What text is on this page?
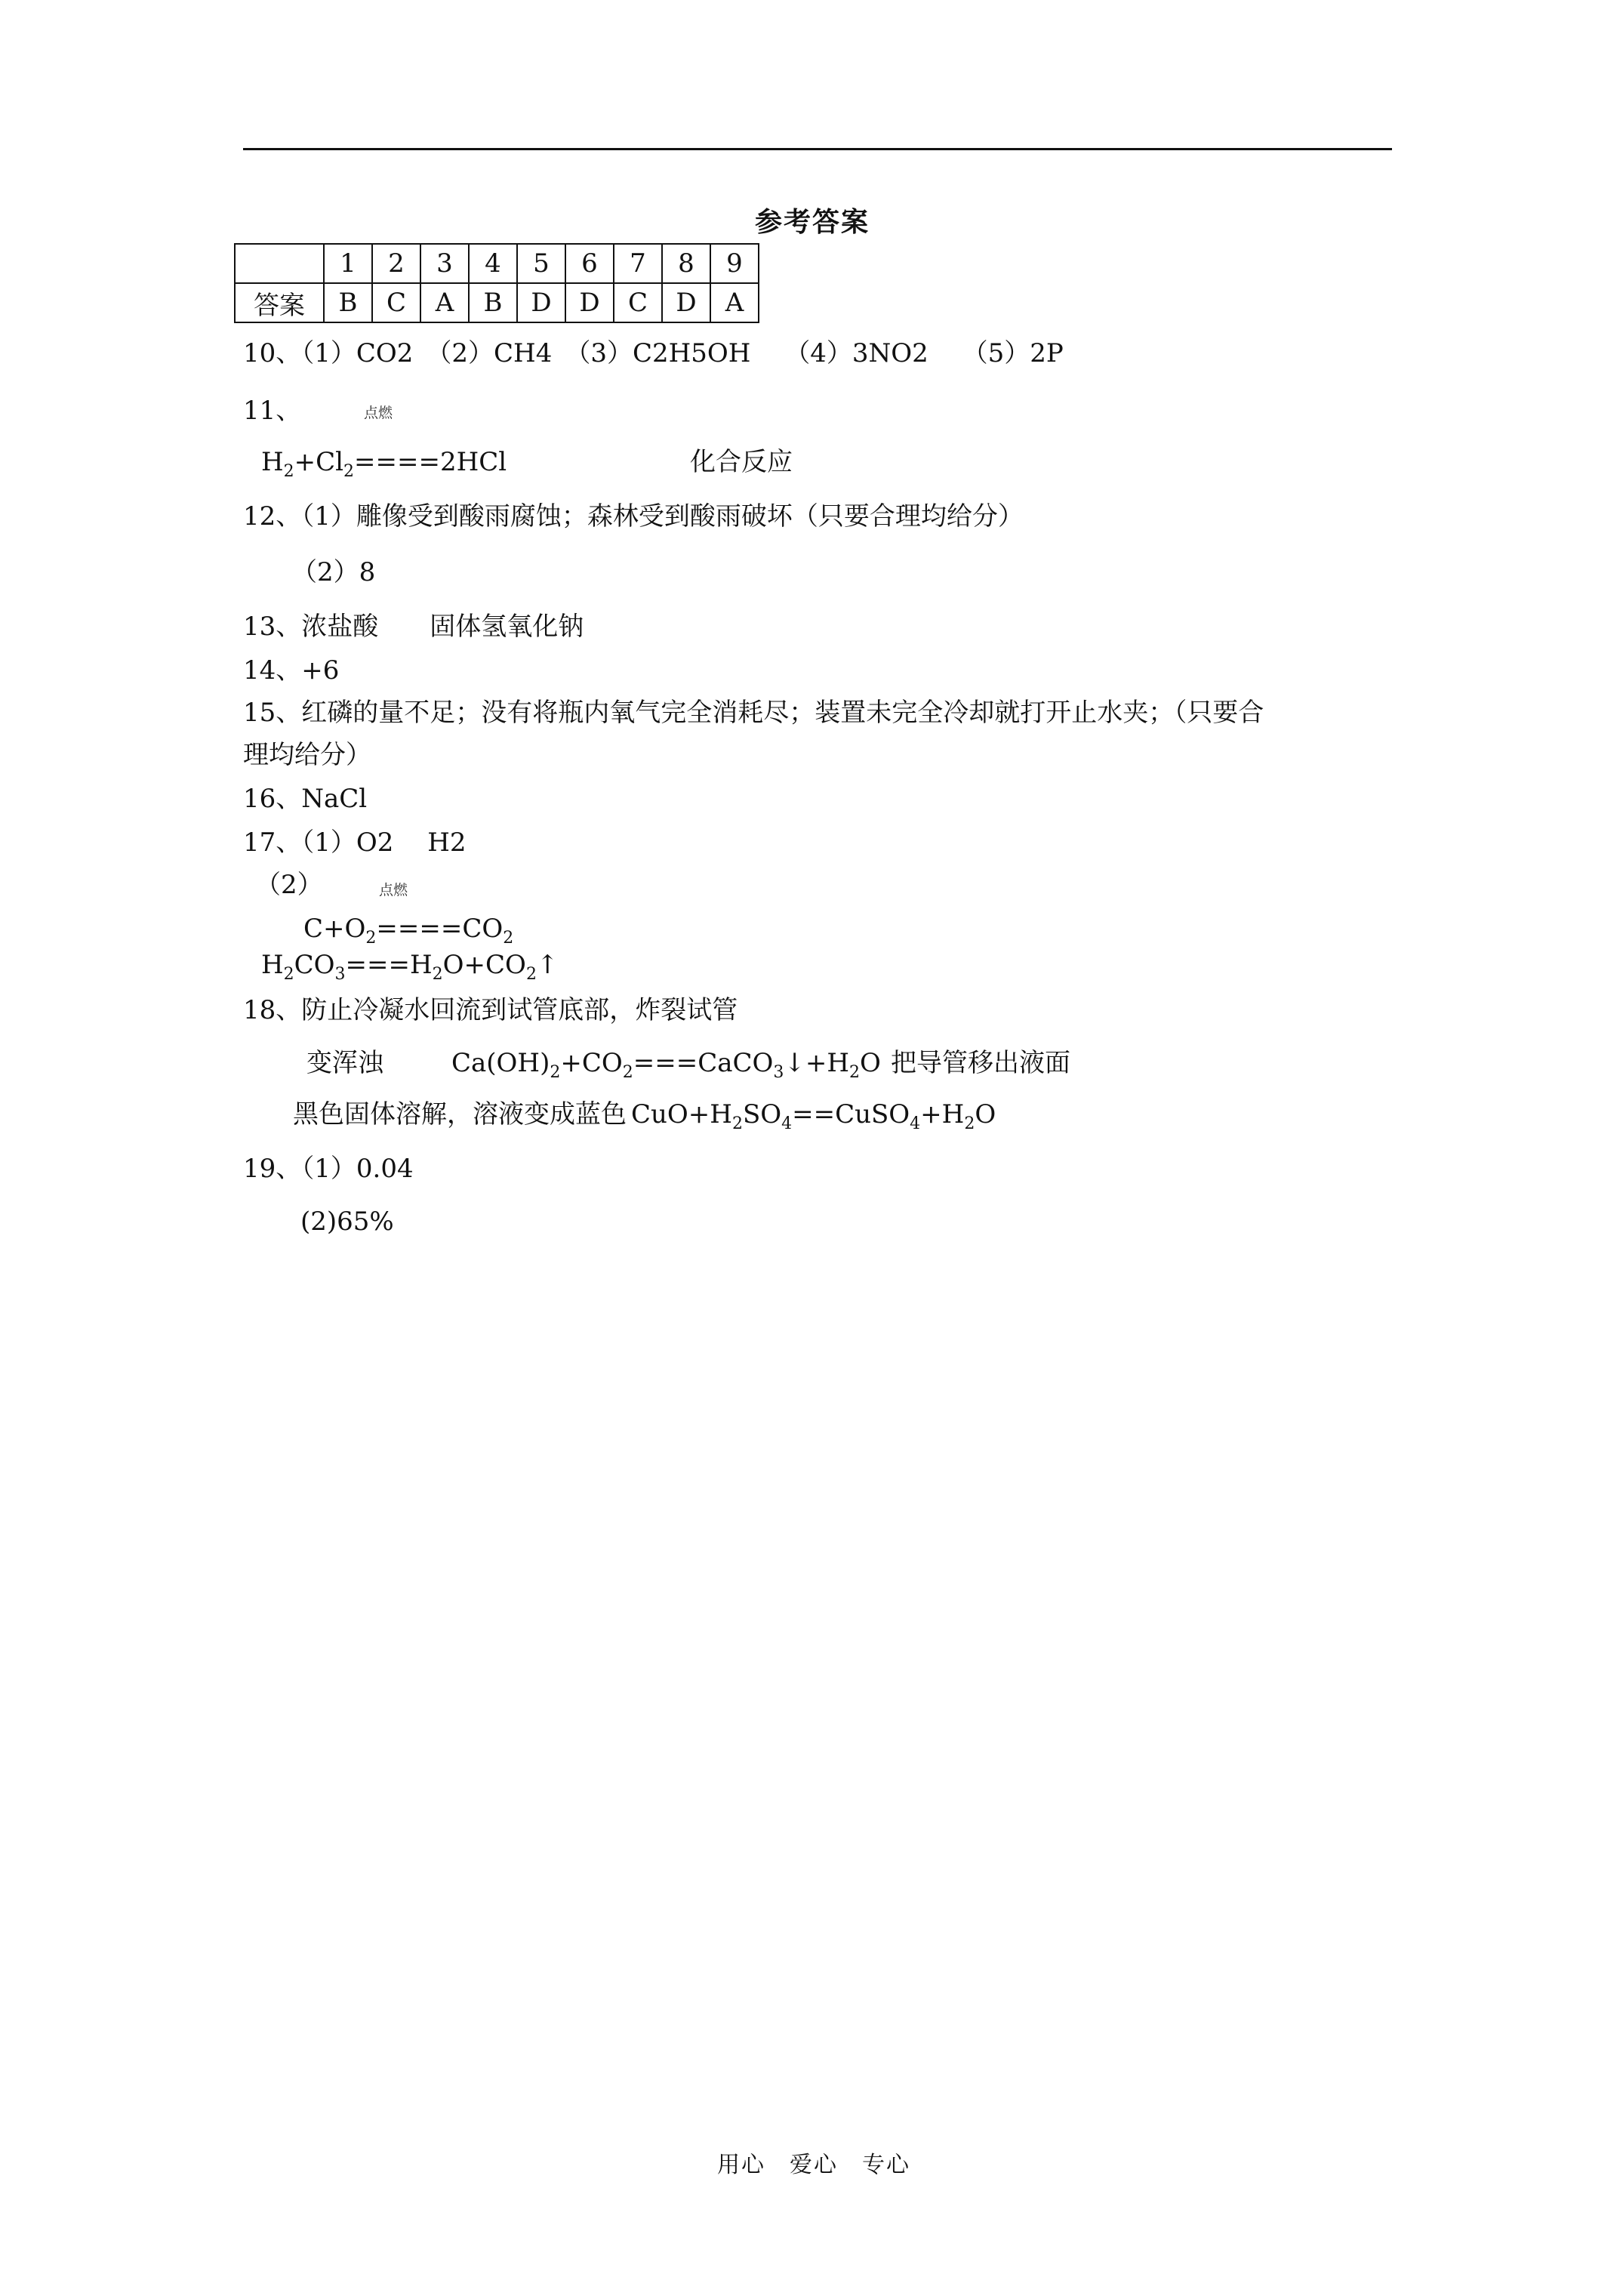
参考答案
	1	2	3	4	5	6	7	8	9
答案	B	C	A	B	D	D	C	D	A
10、（1）CO2　（2）CH4　（3）C2H5OH　 （4）3NO2　 （5）2P
11、	点燃
$H_2+Cl_2====2HCl$	化合反应
12、（1）雕像受到酸雨腐蚀；森林受到酸雨破坏（只要合理均给分）
（2）8
13、浓盐酸　　固体氢氧化钠
14、+6
15、红磷的量不足；没有将瓶内氧气完全消耗尽；装置未完全冷却就打开止水夹；（只要合
理均给分）
16、NaCl
17、（1）O2　 H2
（2）	点燃
$C+O_2====CO_2$
$H_2CO_3===H_2O+CO_2↑$
18、防止冷凝水回流到试管底部，炸裂试管
变浑浊	$Ca(OH)_2+CO_2===CaCO_3↓+H_2O$ 把导管移出液面
黑色固体溶解，溶液变成蓝色 $CuO+H_2SO_4==CuSO_4+H_2O$
19、（1）0.04
(2)65%
用心　爱心　专心
